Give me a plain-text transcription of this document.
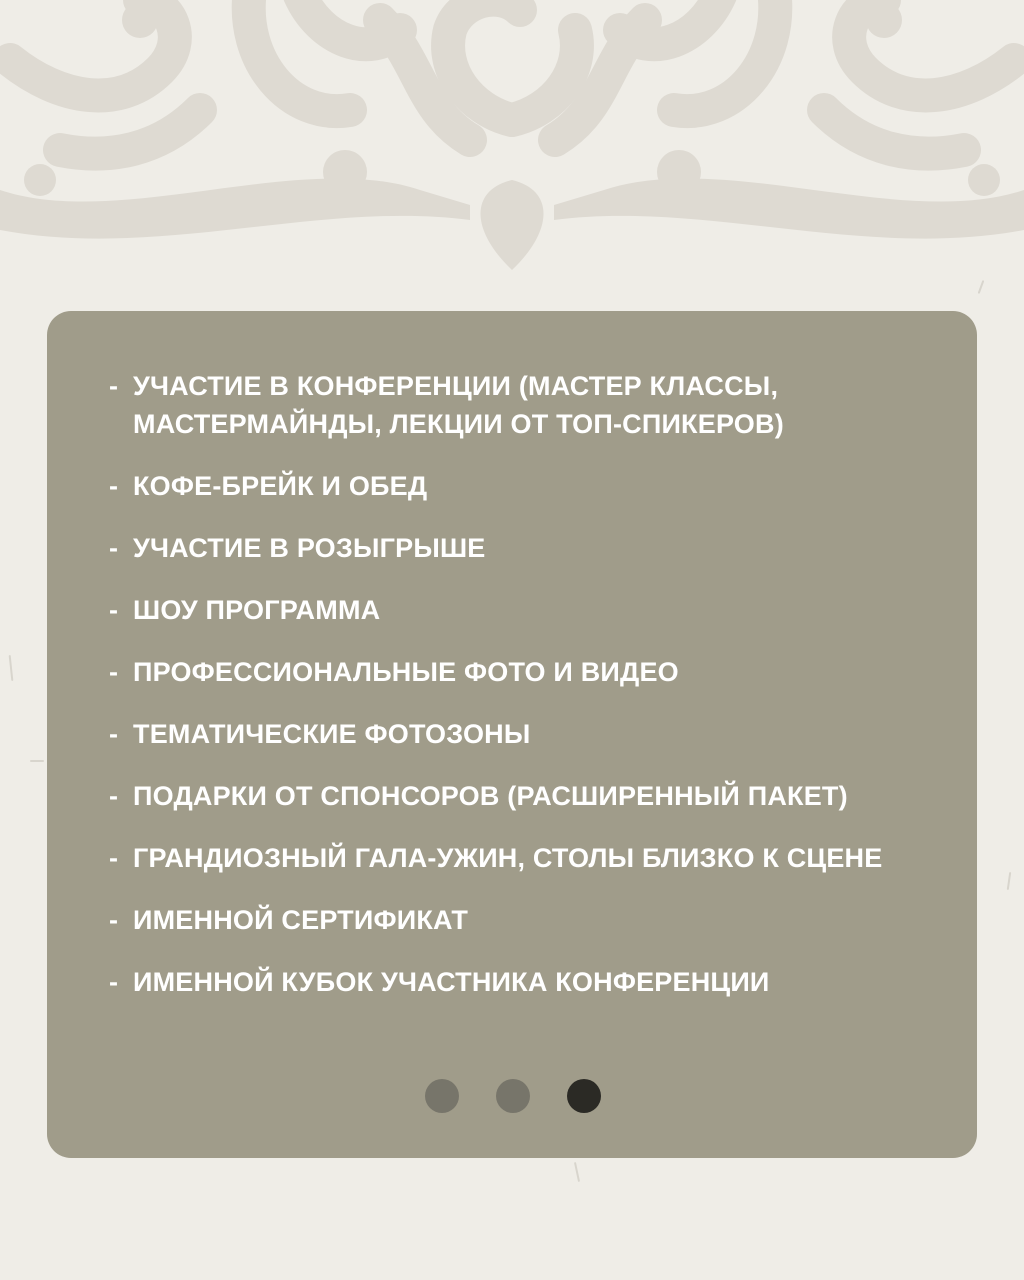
- УЧАСТИЕ В КОНФЕРЕНЦИИ (МАСТЕР КЛАССЫ, МАСТЕРМАЙНДЫ, ЛЕКЦИИ ОТ ТОП-СПИКЕРОВ)
- КОФЕ-БРЕЙК И ОБЕД
- УЧАСТИЕ В РОЗЫГРЫШЕ
- ШОУ ПРОГРАММА
- ПРОФЕССИОНАЛЬНЫЕ ФОТО И ВИДЕО
- ТЕМАТИЧЕСКИЕ ФОТОЗОНЫ
- ПОДАРКИ ОТ СПОНСОРОВ (РАСШИРЕННЫЙ ПАКЕТ)
- ГРАНДИОЗНЫЙ ГАЛА-УЖИН, СТОЛЫ БЛИЗКО К СЦЕНЕ
- ИМЕННОЙ СЕРТИФИКАТ
- ИМЕННОЙ КУБОК УЧАСТНИКА КОНФЕРЕНЦИИ
